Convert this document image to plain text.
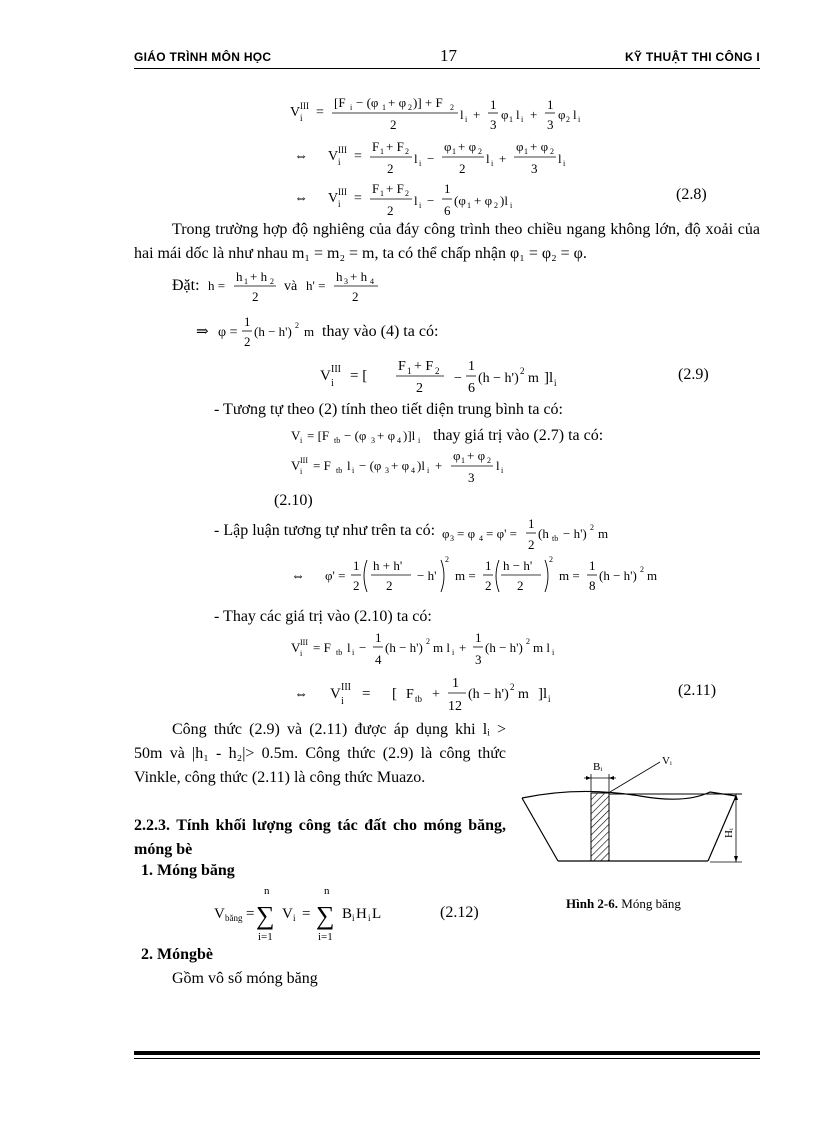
GIÁO TRÌNH MÔN HỌC	17	KỸ THUẬT THI CÔNG I
V III
i =
[F i − (φ 1 + φ 2 )] + F 2
2
l i +
1
3
φ 1 l i +
1
3
φ 2 l i
⇔ V III
i =
F 1 + F 2
2
l i −
φ 1 + φ 2
2
l i +
φ 1 + φ 2
3
l i
⇔ V III
i =
F 1 + F 2
2
l i −
1
6
(φ 1 + φ 2 )l i
(2.8)
Trong trường hợp độ nghiêng của đáy công trình theo chiều ngang không lớn, độ xoải của hai mái dốc là như nhau m₁ = m₂ = m, ta có thể chấp nhận φ₁ = φ₂ = φ.
Đặt: h =
h 1 + h 2
2
và h' =
h 3 + h 4
2
⇒ φ =
1
2
(h − h') 2 m thay vào (4) ta có:
V III
i = [
F 1 + F 2
2
−
1
6
(h − h') 2 m ]l i	(2.9)
- Tương tự theo (2) tính theo tiết diện trung bình ta có:
V i = [F tb − (φ 3 + φ 4 )]l i thay giá trị vào (2.7) ta có:
V III
i = F tb l i − (φ 3 + φ 4 )l i +
φ 1 + φ 2
3
l i
(2.10)
- Lập luận tương tự như trên ta có: φ 3 = φ 4 = φ' =
1
2
(h tb − h') 2 m
⇔ φ' =
1
2
h + h'
2
− h'
2
m =
1
2
h − h'
2
2
m =
1
8
(h − h') 2 m
- Thay các giá trị vào (2.10) ta có:
V III
i = F tb l i −
1
4
(h − h') 2 m l i +
1
3
(h − h') 2 m l i
⇔ V III
i = [ F tb +
1
12
(h − h') 2 m ]l i	(2.11)
Công thức (2.9) và (2.11) được áp dụng khi lᵢ > 50m và |h₁ - h₂|> 0.5m. Công thức (2.9) là công thức Vinkle, công thức (2.11) là công thức Muazo.
2.2.3. Tính khối lượng công tác đất cho móng băng, móng bè
1. Móng băng
V băng =
n
∑
i=1
V i =
n
∑
i=1
B i H i L	(2.12)
2. Móngbè
Gồm vô số móng băng
Bᵢ	Vᵢ
Hᵢ
Hình 2-6. Móng băng
